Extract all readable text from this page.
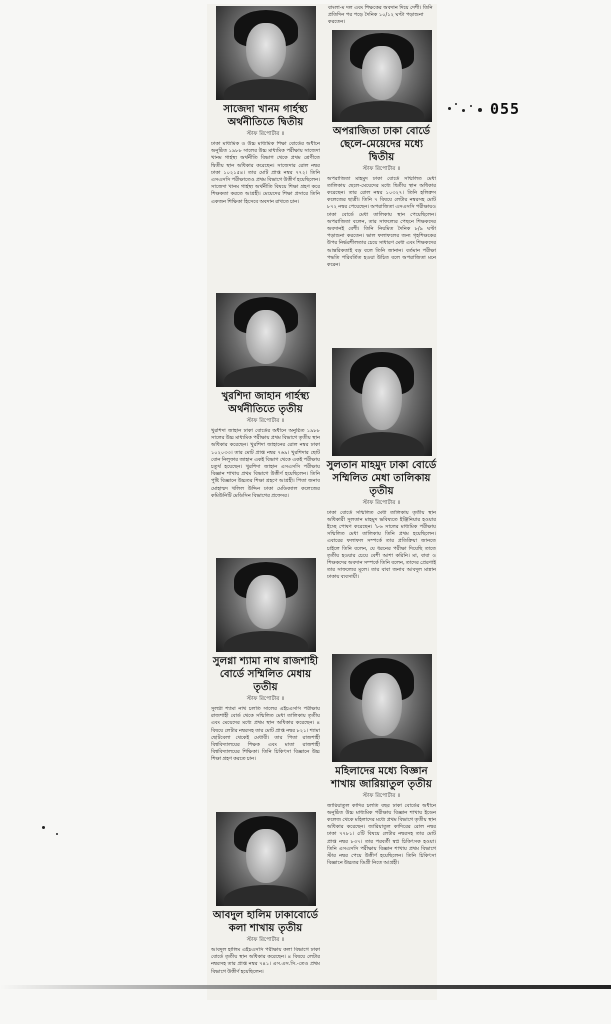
055
সাজেদা খানম গার্হস্থ্য অর্থনীতিতে দ্বিতীয়
স্টাফ রিপোর্টার ॥
ঢাকা মাধ্যমিক ও উচ্চ মাধ্যমিক শিক্ষা বোর্ডের অধীনে অনুষ্ঠিত ১৯৮৮ সালের উচ্চ মাধ্যমিক পরীক্ষায় সাজেদা খানম গার্হস্থ্য অর্থনীতি বিভাগ থেকে প্রথম শ্রেণীতে দ্বিতীয় স্থান অধিকার করেছেন। সাজেদার রোল নম্বর ঢাকা ১০২১৫৪। তার মোট প্রাপ্ত নম্বর ৭৭২। তিনি এসএসসি পরীক্ষাতেও প্রথম বিভাগে উত্তীর্ণ হয়েছিলেন। সাজেদা খানম গার্হস্থ্য অর্থনীতি বিষয়ে শিক্ষা গ্রহণ করে শিক্ষকতা করতে আগ্রহী। মেয়েদের শিক্ষা প্রসারে তিনি একজন শিক্ষিকা হিসেবে অবদান রাখতে চান।
খুরশিদা জাহান গার্হস্থ্য অর্থনীতিতে তৃতীয়
স্টাফ রিপোর্টার ॥
খুরশিদা জাহান ঢাকা বোর্ডের অধীনে অনুষ্ঠিত ১৯৮৮ সালের উচ্চ মাধ্যমিক পরীক্ষায় প্রথম বিভাগে তৃতীয় স্থান অধিকার করেছেন। খুরশিদা জাহানের রোল নম্বর ঢাকা ১০২০৩৩। তার মোট প্রাপ্ত নম্বর ৭৬৯। খুরশিদার ছোট বোন নিলুফার জাহান একই বিভাগ থেকে একই পরীক্ষায় চতুর্থ হয়েছেন। খুরশিদা জাহান এসএসসি পরীক্ষায় বিজ্ঞান শাখায় প্রথম বিভাগে উত্তীর্ণ হয়েছিলেন। তিনি পুষ্টি বিজ্ঞানে উচ্চতর শিক্ষা গ্রহণে আগ্রহী। পিতা জনাব মোহাম্মদ খলিল উদ্দিন ঢাকা মেডিক্যাল কলেজের কমিউনিটি মেডিসিন বিভাগের প্রফেসর।
সুলগ্না শ্যামা নাথ রাজশাহী বোর্ডে সম্মিলিত মেধায় তৃতীয়
স্টাফ রিপোর্টার ॥
সুলগ্না শ্যামা নাথ চলতি সালের এইচএসসি পরীক্ষায় রাজশাহী বোর্ড থেকে সম্মিলিত মেধা তালিকায় তৃতীয় এবং মেয়েদের মধ্যে প্রথম স্থান অধিকার করেছেন। ৪ বিষয়ে লেটার নম্বরসহ তার মোট প্রাপ্ত নম্বর ৮২১। শ্যামা ছোটবেলা থেকেই মেধাবী। তার পিতা রাজশাহী বিশ্ববিদ্যালয়ের শিক্ষক এবং মাতা রাজশাহী বিশ্ববিদ্যালয়ের শিক্ষিকা। তিনি চিকিৎসা বিজ্ঞানে উচ্চ শিক্ষা গ্রহণ করতে চান।
আবদুল হালিম ঢাকাবোর্ডে কলা শাখায় তৃতীয়
স্টাফ রিপোর্টার ॥
আবদুল হালিম এইচএসসি পরীক্ষায় কলা বিভাগে ঢাকা বোর্ডে তৃতীয় স্থান অধিকার করেছেন। ৪ বিষয়ে লেটার নম্বরসহ তার প্রাপ্ত নম্বর ৭৪১। এস.এস.সি.-তেও প্রথম বিভাগে উত্তীর্ণ হয়েছিলেন।
বাংলা-ম দল এবং শিক্ষকের অবদান দিয়ে দেশী। তিনি প্রতিদিন পর পড়ে দৈনিক ১০/১২ ঘণ্টা পড়াশুনা করতেন।
অপরাজিতা ঢাকা বোর্ডে ছেলে-মেয়েদের মধ্যে দ্বিতীয়
স্টাফ রিপোর্টার ॥
অপরাজিতা মাহমুদ ঢাকা বোর্ডে সম্মিলিত মেধা তালিকায় ছেলে-মেয়েদের মধ্যে দ্বিতীয় স্থান অধিকার করেছেন। তার রোল নম্বর ১০৩২৭। তিনি হলিক্রস কলেজের ছাত্রী। তিনি ৭ বিষয়ে লেটার নম্বরসহ মোট ৮৭২ নম্বর পেয়েছেন। অপরাজিতা এসএসসি পরীক্ষায়ও ঢাকা বোর্ডে মেধা তালিকায় স্থান পেয়েছিলেন। অপরাজিতা বলেন, তার সাফল্যের পেছনে শিক্ষকদের অবদানই বেশী। তিনি নিয়মিত দৈনিক ৮/৯ ঘণ্টা পড়াশুনা করতেন। ভাল ফলাফলের জন্য গৃহশিক্ষকের উপর নির্ভরশীলতার চেয়ে সাধারণ মেধা এবং শিক্ষকদের আন্তরিকতাই বড় বলে তিনি জানান। বর্তমান পরীক্ষা পদ্ধতি পরিবর্তিত হওয়া উচিত বলে অপরাজিতা মনে করেন।
সুলতান মাহমুদ ঢাকা বোর্ডে সম্মিলিত মেধা তালিকায় তৃতীয়
স্টাফ রিপোর্টার ॥
ঢাকা বোর্ডে সম্মিলিত মেধা তালিকায় তৃতীয় স্থান অধিকারী সুলতান মাহমুদ ভবিষ্যতে ইঞ্জিনিয়ার হওয়ার ইচ্ছে পোষণ করেছেন। '৮৬ সালের মাধ্যমিক পরীক্ষায় সম্মিলিত মেধা তালিকায় তিনি প্রথম হয়েছিলেন। এবারের ফলাফল সম্পর্কে তার প্রতিক্রিয়া জানতে চাইলে তিনি বলেন, যে ধরনের পরীক্ষা দিয়েছি তাতে তৃতীয় হওয়ার চেয়ে বেশী আশা করিনি। মা, বাবা ও শিক্ষকদের অবদান সম্পর্কে তিনি বলেন, তাদের প্রেরণাই তার সাফল্যের মূলে। তার বাবা জনাব আবদুল মান্নান ঢাকায় ব্যবসায়ী।
মহিলাদের মধ্যে বিজ্ঞান শাখায় জারিয়াতুল তৃতীয়
স্টাফ রিপোর্টার ॥
জারিয়াতুল কাদির চলতি বছর ঢাকা বোর্ডের অধীনে অনুষ্ঠিত উচ্চ মাধ্যমিক পরীক্ষায় বিজ্ঞান শাখায় ইডেন কলেজ থেকে মহিলাদের মধ্যে প্রথম বিভাগে তৃতীয় স্থান অধিকার করেছেন। জারিয়াতুল কাদিরের রোল নম্বর ঢাকা ৭৭৮১। ৫টি বিষয়ে লেটার নম্বরসহ তার মোট প্রাপ্ত নম্বর ৮৩৭। তার পরবর্তী স্বপ্ন চিকিৎসক হওয়া। তিনি এসএসসি পরীক্ষায় বিজ্ঞান শাখায় প্রথম বিভাগে স্টার নম্বর পেয়ে উত্তীর্ণ হয়েছিলেন। তিনি চিকিৎসা বিজ্ঞানে উচ্চতর ডিগ্রী নিতে আগ্রহী।
